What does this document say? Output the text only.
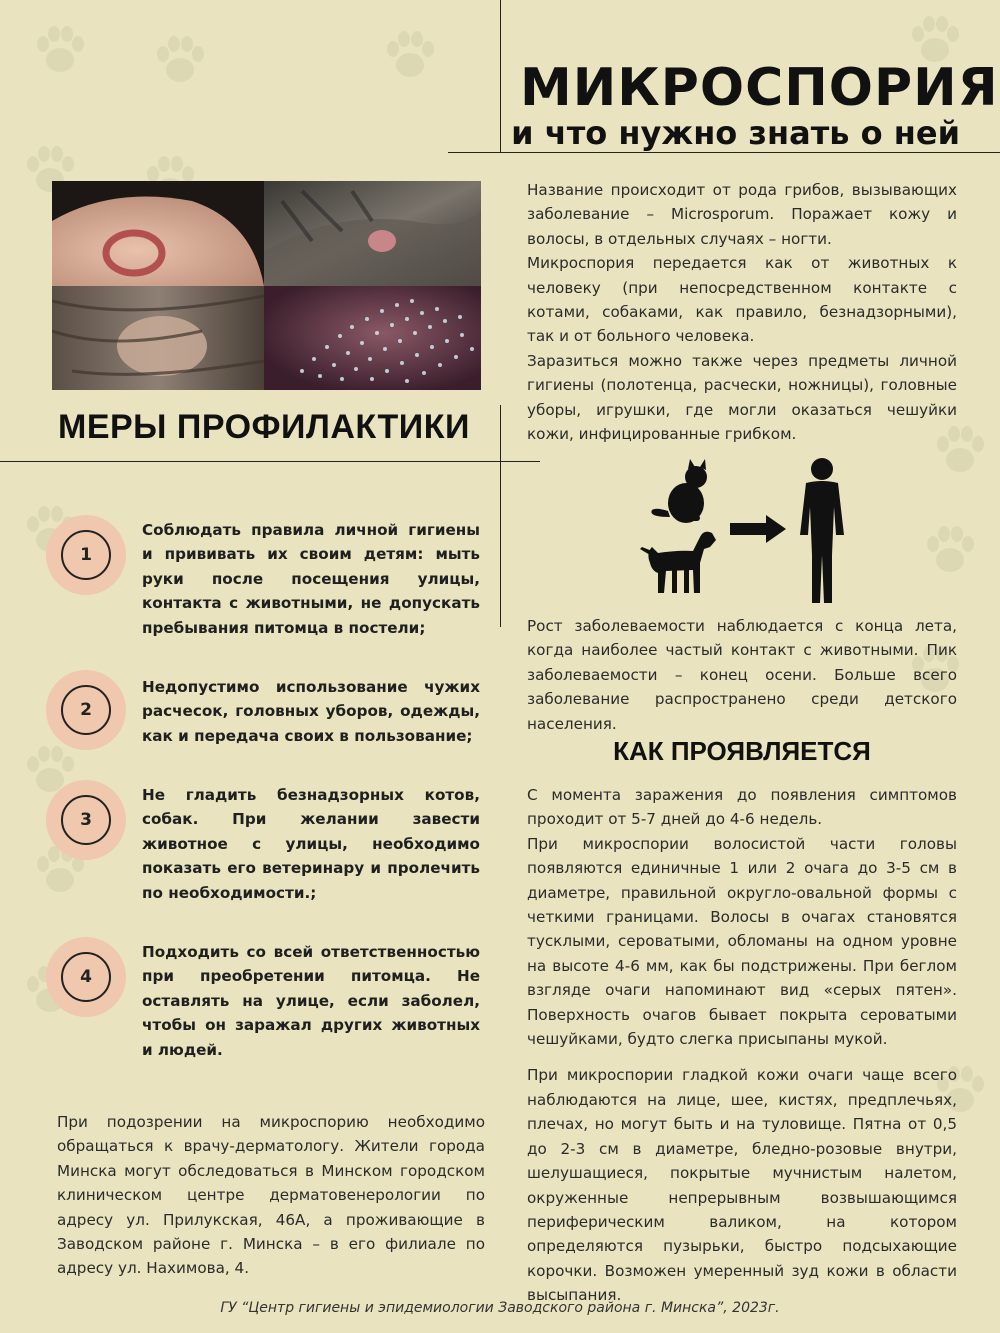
МИКРОСПОРИЯ
и что нужно знать о ней
МЕРЫ ПРОФИЛАКТИКИ

Название происходит от рода грибов, вызывающих заболевание – Microsporum. Поражает кожу и волосы, в отдельных случаях – ногти.

Микроспория передается как от животных к человеку (при непосредственном контакте с котами, собаками, как правило, безнадзорными), так и от больного человека.

Заразиться можно также через предметы личной гигиены (полотенца, расчески, ножницы), головные уборы, игрушки, где могли оказаться чешуйки кожи, инфицированные грибком.

1

Соблюдать правила личной гигиены и прививать их своим детям: мыть руки после посещения улицы, контакта с животными, не допускать пребывания питомца в постели;

2

Недопустимо использование чужих расчесок, головных уборов, одежды, как и передача своих в пользование;

3

Не гладить безнадзорных котов, собак. При желании завести животное с улицы, необходимо показать его ветеринару и пролечить по необходимости.;

4

Подходить со всей ответственностью при преобретении питомца. Не оставлять на улице, если заболел, чтобы он заражал других животных и людей.

При подозрении на микроспорию необходимо обращаться к врачу-дерматологу. Жители города Минска могут обследоваться в Минском городском клиническом центре дерматовенерологии по адресу ул. Прилукская, 46А, а проживающие в Заводском районе г. Минска – в его филиале по адресу ул. Нахимова, 4.

Рост заболеваемости наблюдается с конца лета, когда наиболее частый контакт с животными. Пик заболеваемости – конец осени. Больше всего заболевание распространено среди детского населения.

КАК ПРОЯВЛЯЕТСЯ

С момента заражения до появления симптомов проходит от 5-7 дней до 4-6 недель.

При микроспории волосистой части головы появляются единичные 1 или 2 очага до 3-5 см в диаметре, правильной округло-овальной формы с четкими границами. Волосы в очагах становятся тусклыми, сероватыми, обломаны на одном уровне на высоте 4-6 мм, как бы подстрижены. При беглом взгляде очаги напоминают вид «серых пятен». Поверхность очагов бывает покрыта сероватыми чешуйками, будто слегка присыпаны мукой.

При микроспории гладкой кожи очаги чаще всего наблюдаются на лице, шее, кистях, предплечьях, плечах, но могут быть и на туловище. Пятна от 0,5 до 2-3 см в диаметре, бледно-розовые внутри, шелушащиеся, покрытые мучнистым налетом, окруженные непрерывным возвышающимся периферическим валиком, на котором определяются пузырьки, быстро подсыхающие корочки. Возможен умеренный зуд кожи в области высыпания.

ГУ “Центр гигиены и эпидемиологии Заводского района г. Минска”, 2023г.
